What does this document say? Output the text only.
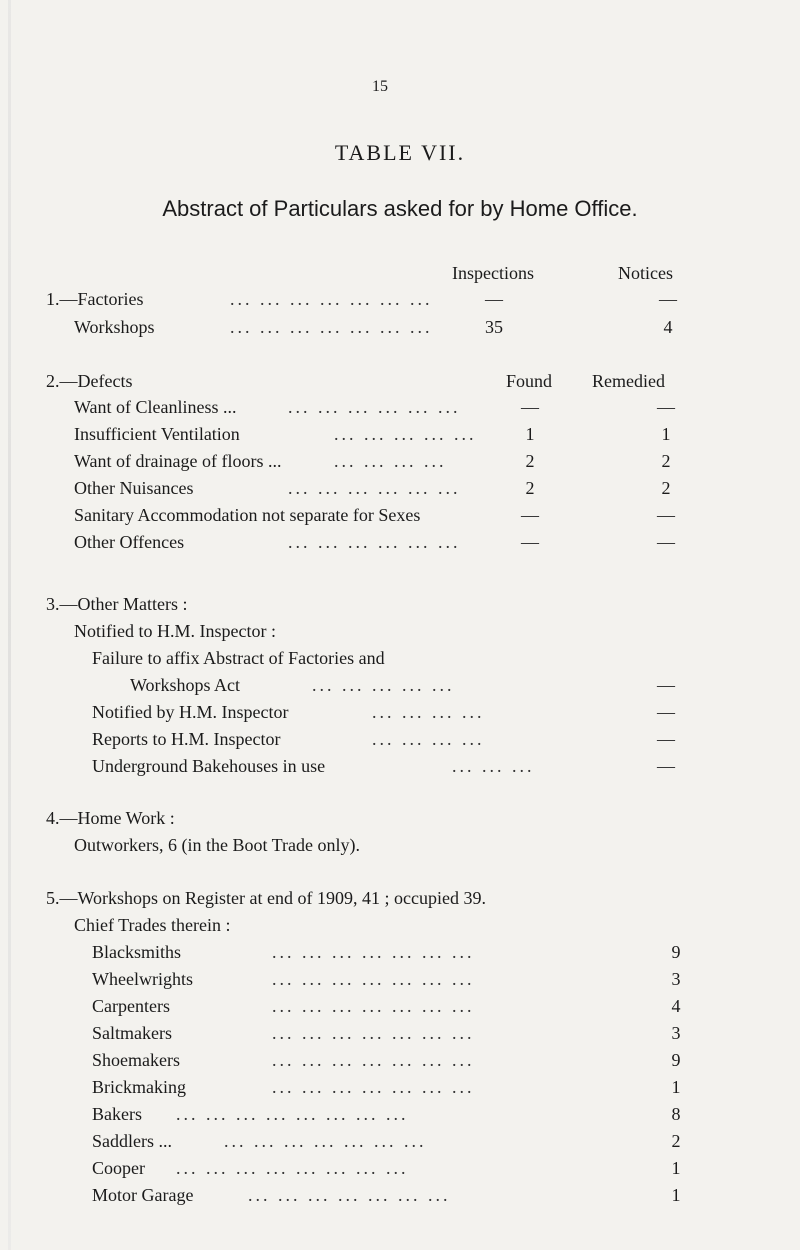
15
TABLE VII.
Abstract of Particulars asked for by Home Office.
Inspections	Notices
1.—Factories	... ... ... ... ... ... ...	—	—
Workshops	... ... ... ... ... ... ...	35	4
2.—Defects	Found Remedied
Want of Cleanliness ...	... ... ... ... ... ...	—	—
Insufficient Ventilation	... ... ... ... ...	1	1
Want of drainage of floors ...	... ... ... ...	2	2
Other Nuisances	... ... ... ... ... ...	2	2
Sanitary Accommodation not separate for Sexes	—	—
Other Offences	... ... ... ... ... ...	—	—
3.—Other Matters :
Notified to H.M. Inspector :
Failure to affix Abstract of Factories and
Workshops Act	... ... ... ... ...	—
Notified by H.M. Inspector	... ... ... ...	—
Reports to H.M. Inspector	... ... ... ...	—
Underground Bakehouses in use	... ... ...	—
4.—Home Work :
Outworkers, 6 (in the Boot Trade only).
5.—Workshops on Register at end of 1909, 41 ; occupied 39.
Chief Trades therein :
Blacksmiths	... ... ... ... ... ... ...	9
Wheelwrights	... ... ... ... ... ... ...	3
Carpenters	... ... ... ... ... ... ...	4
Saltmakers	... ... ... ... ... ... ...	3
Shoemakers	... ... ... ... ... ... ...	9
Brickmaking	... ... ... ... ... ... ...	1
Bakers ... ... ... ... ... ... ... ...	8
Saddlers ...	... ... ... ... ... ... ...	2
Cooper ... ... ... ... ... ... ... ...	1
Motor Garage	... ... ... ... ... ... ...	1
